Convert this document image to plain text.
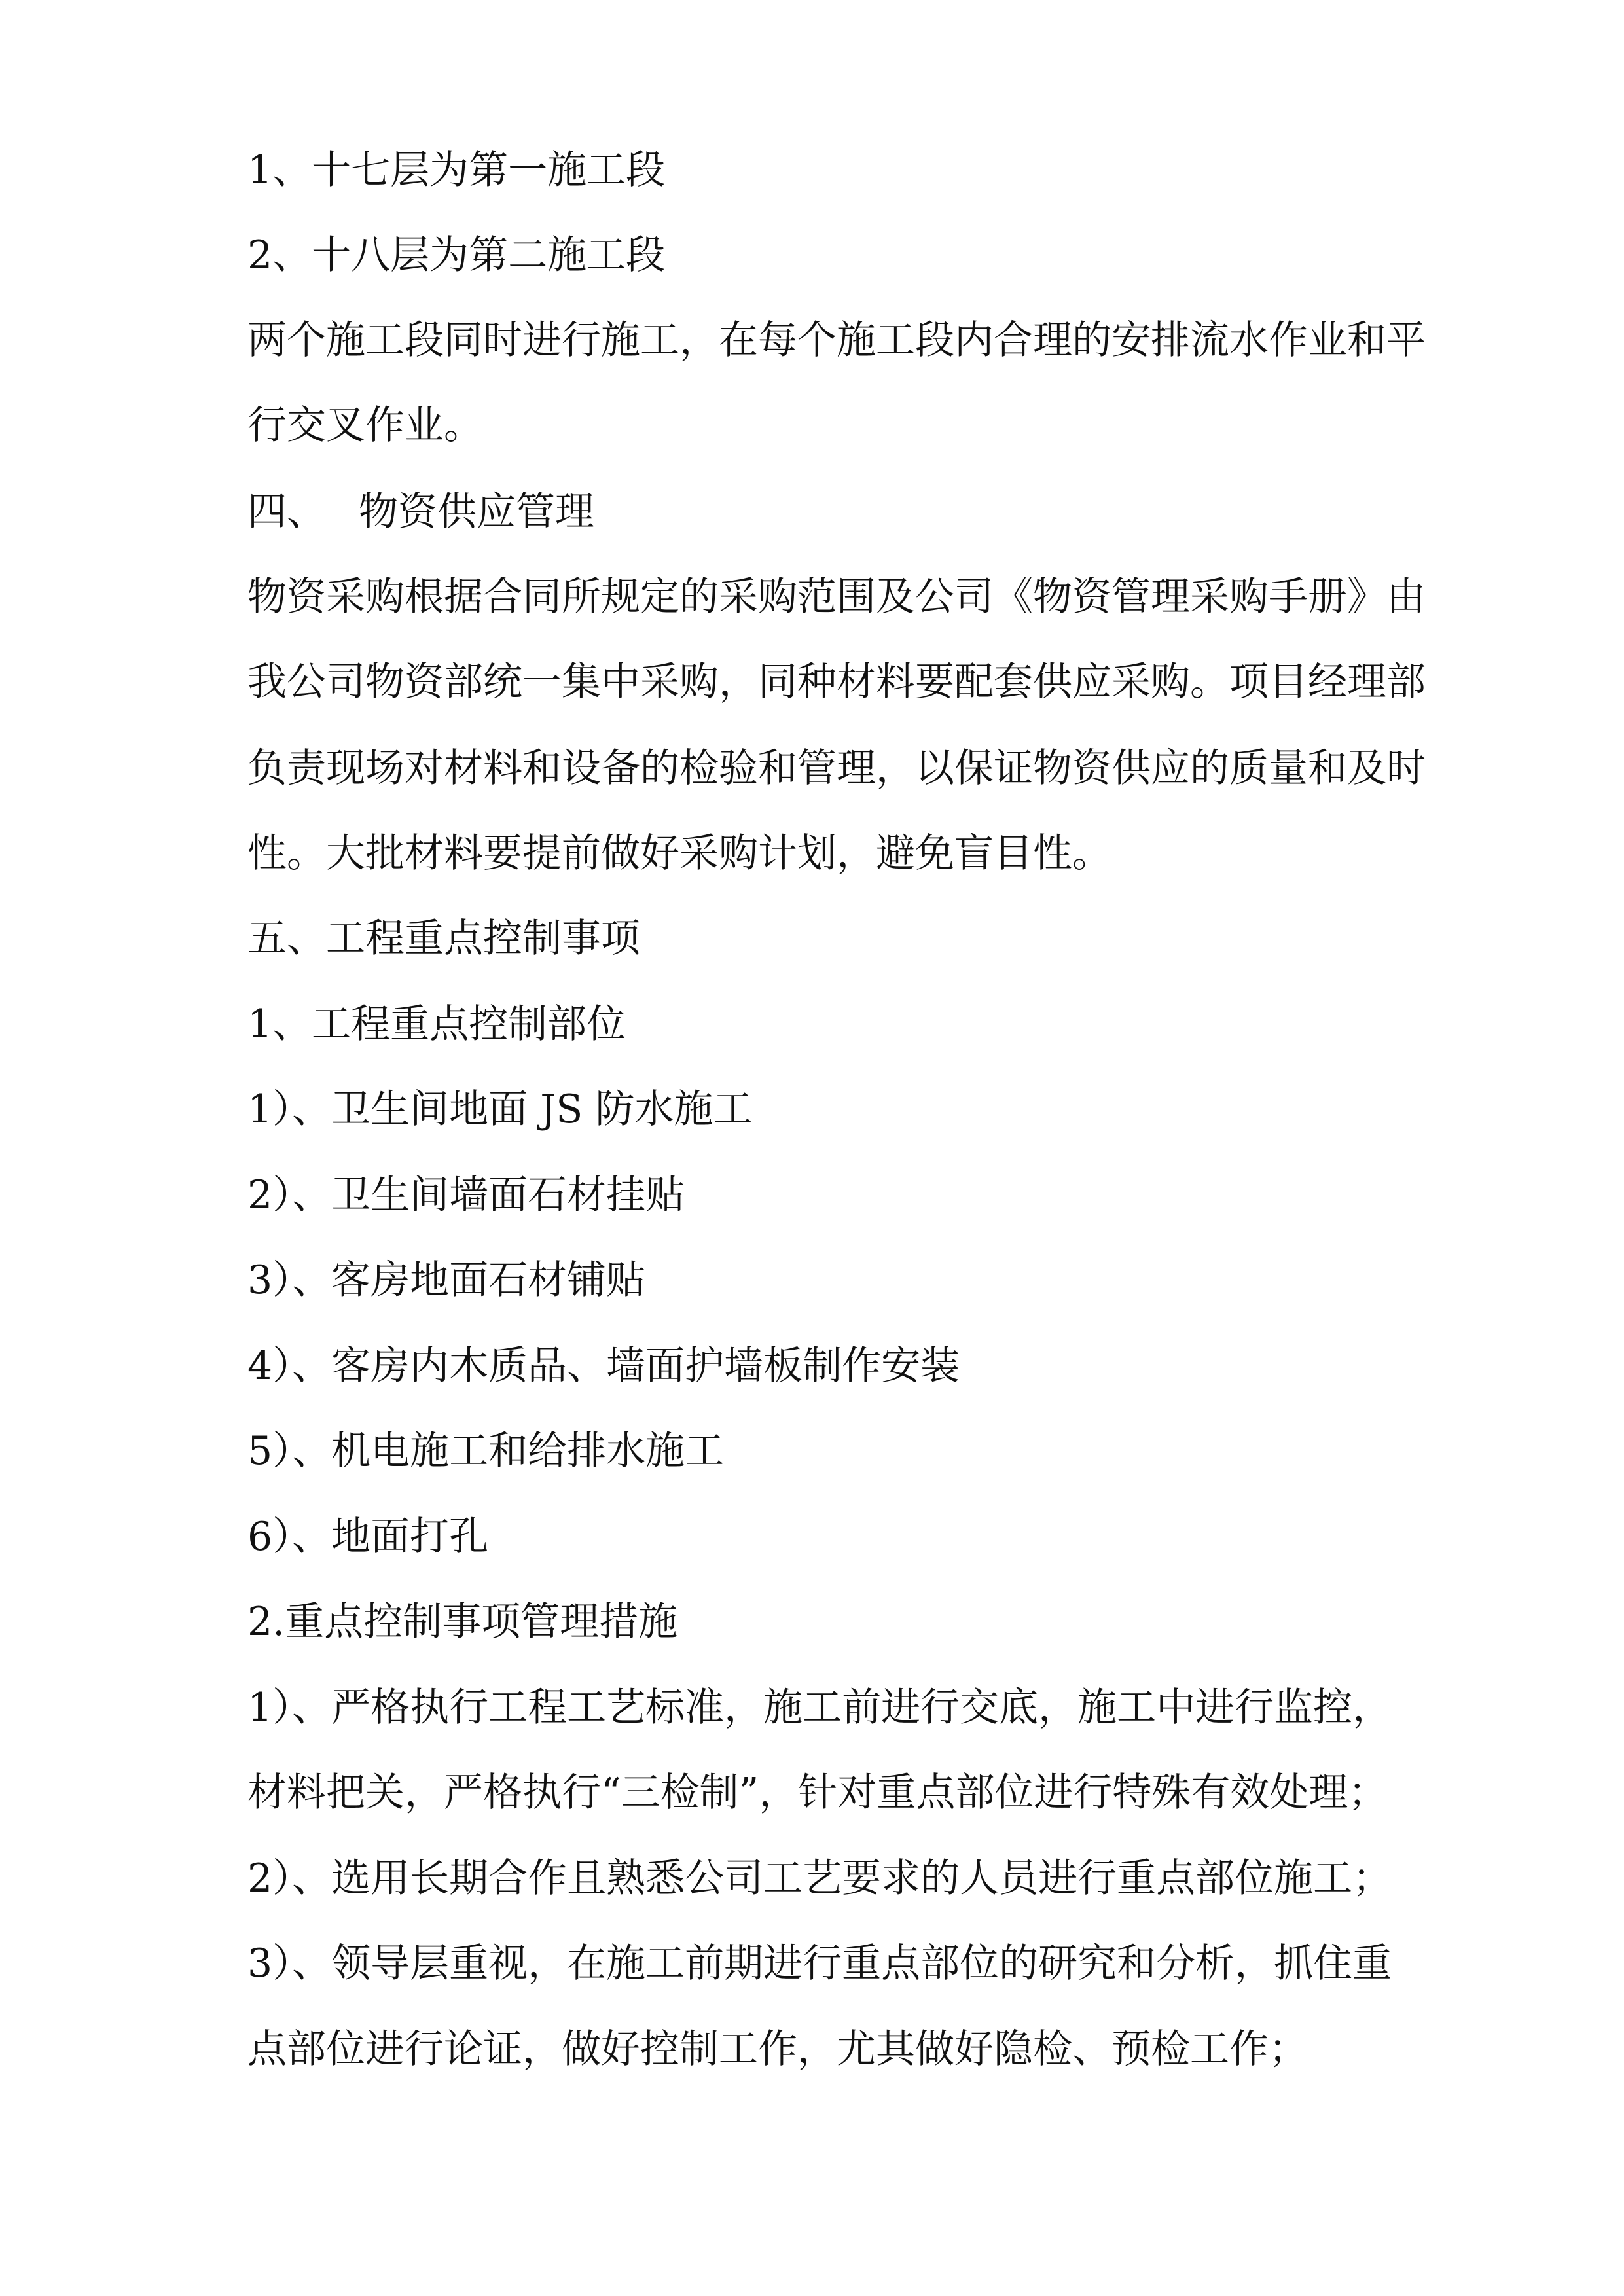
1、十七层为第一施工段
2、十八层为第二施工段
两个施工段同时进行施工，在每个施工段内合理的安排流水作业和平
行交叉作业。
四、 物资供应管理
物资采购根据合同所规定的采购范围及公司《物资管理采购手册》由
我公司物资部统一集中采购，同种材料要配套供应采购。项目经理部
负责现场对材料和设备的检验和管理，以保证物资供应的质量和及时
性。大批材料要提前做好采购计划，避免盲目性。
五、工程重点控制事项
1、工程重点控制部位
1）、卫生间地面 JS 防水施工
2）、卫生间墙面石材挂贴
3）、客房地面石材铺贴
4）、客房内木质品、墙面护墙板制作安装
5）、机电施工和给排水施工
6）、地面打孔
2.重点控制事项管理措施
1）、严格执行工程工艺标准，施工前进行交底，施工中进行监控，
材料把关，严格执行“三检制”，针对重点部位进行特殊有效处理；
2）、选用长期合作且熟悉公司工艺要求的人员进行重点部位施工；
3）、领导层重视，在施工前期进行重点部位的研究和分析，抓住重
点部位进行论证，做好控制工作，尤其做好隐检、预检工作；
